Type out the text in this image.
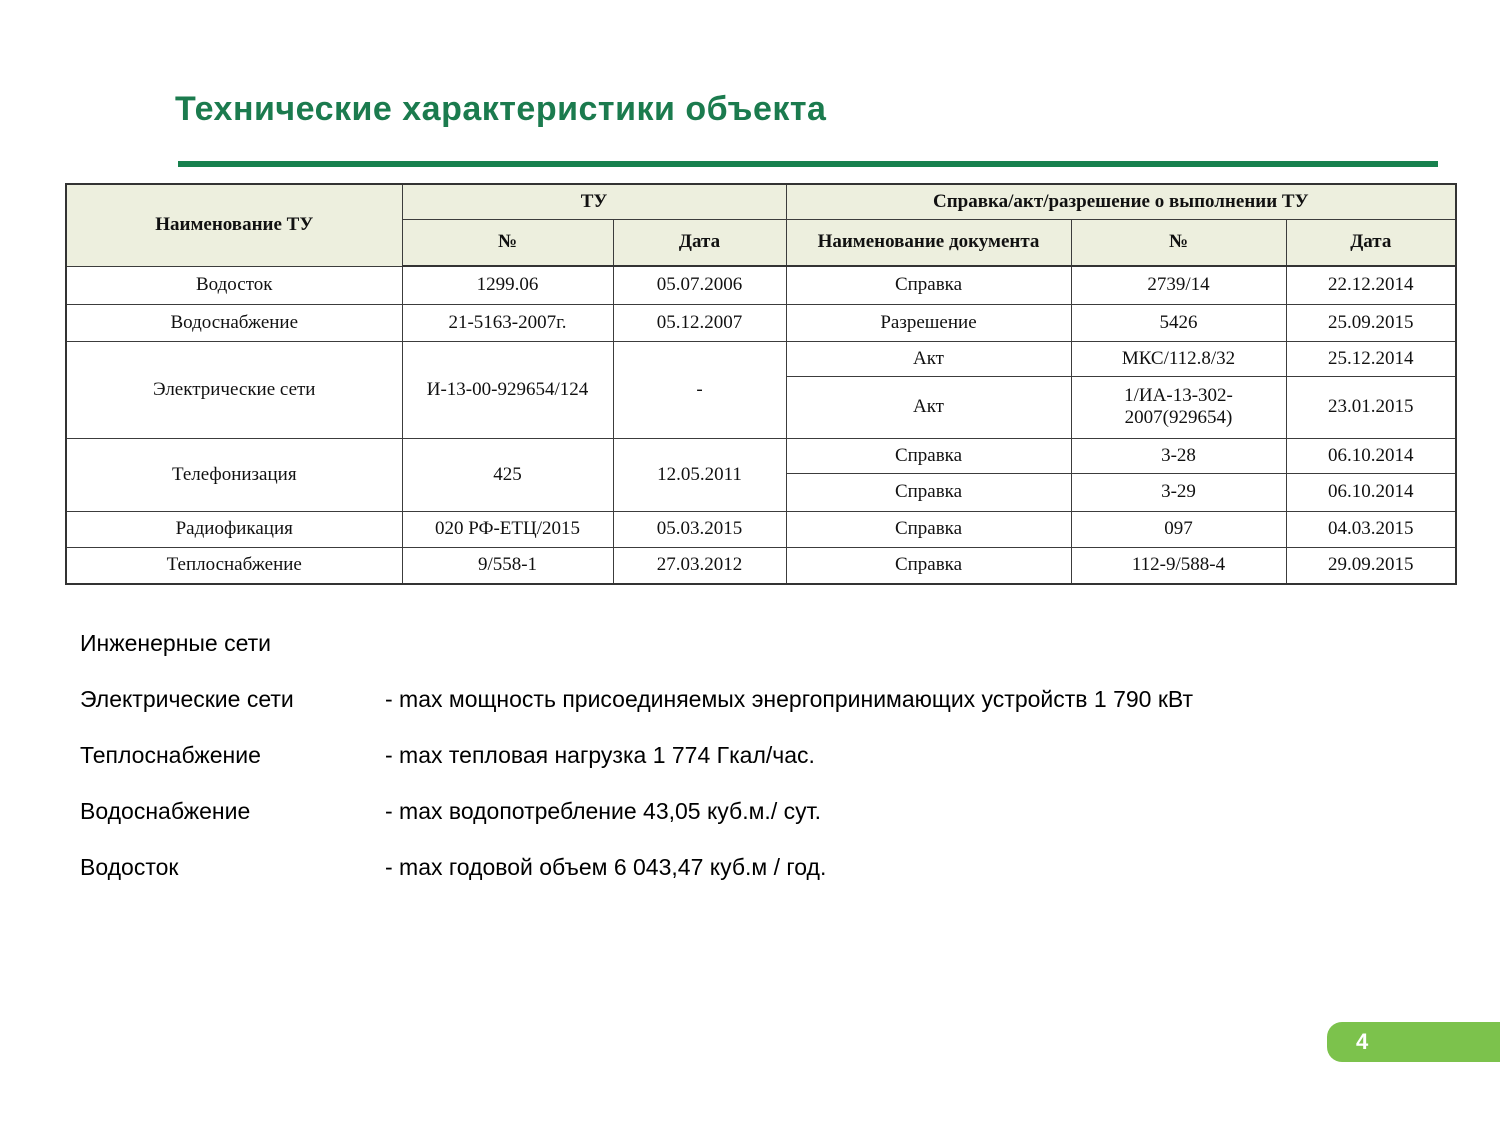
Технические характеристики объекта
Наименование ТУ	ТУ		Справка/акт/разрешение о выполнении ТУ		
	№	Дата	Наименование документа	№	Дата
Водосток	1299.06	05.07.2006	Справка	2739/14	22.12.2014
Водоснабжение	21-5163-2007г.	05.12.2007	Разрешение	5426	25.09.2015
Электрические сети	И-13-00-929654/124	-	Акт	МКС/112.8/32	25.12.2014
			Акт	1/ИА-13-302-2007(929654)	23.01.2015
Телефонизация	425	12.05.2011	Справка	3-28	06.10.2014
			Справка	3-29	06.10.2014
Радиофикация	020 РФ-ЕТЦ/2015	05.03.2015	Справка	097	04.03.2015
Теплоснабжение	9/558-1	27.03.2012	Справка	112-9/588-4	29.09.2015
Инженерные сети
Электрические сети	- max мощность присоединяемых энергопринимающих устройств 1 790 кВт
Теплоснабжение	- max тепловая нагрузка 1 774 Гкал/час.
Водоснабжение	- max водопотребление 43,05 куб.м./ сут.
Водосток	- max годовой объем 6 043,47 куб.м / год.
4
